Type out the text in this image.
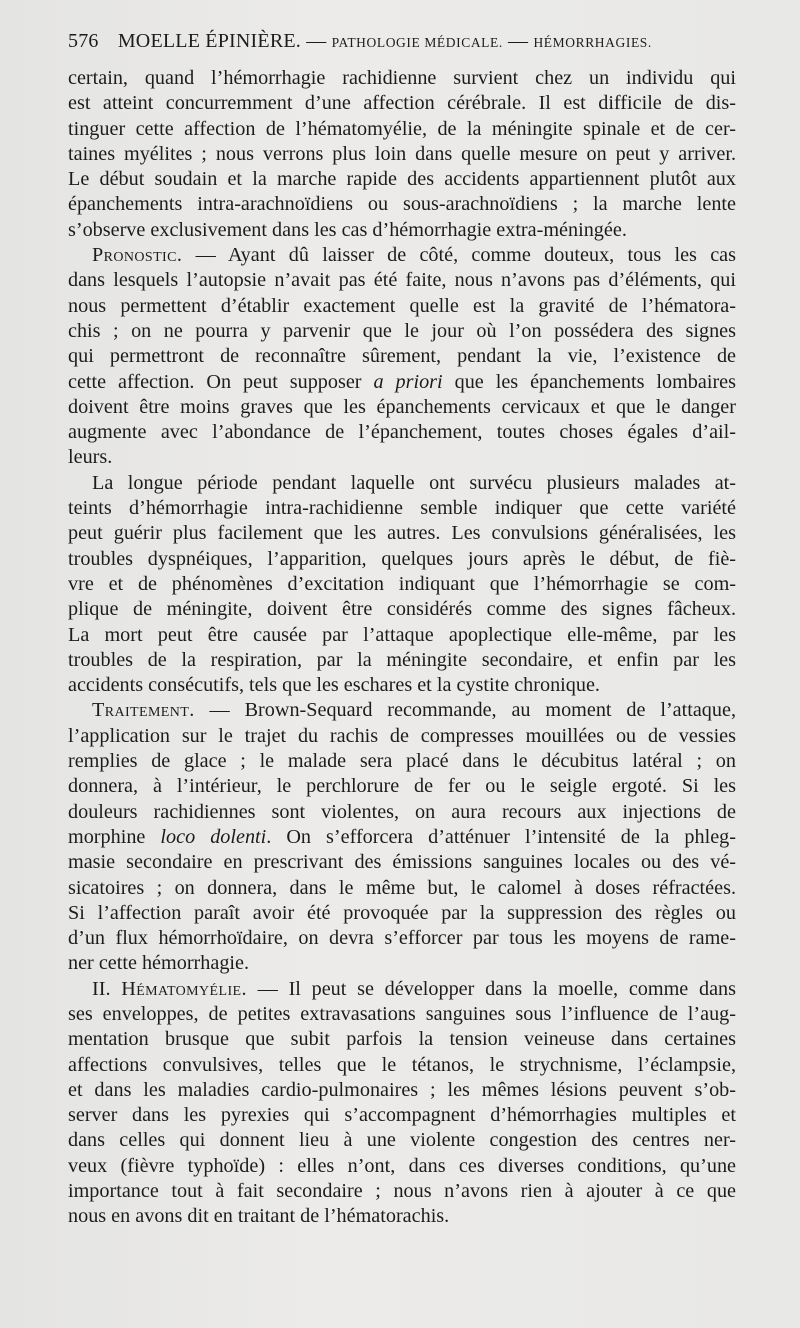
576 MOELLE ÉPINIÈRE. — PATHOLOGIE MÉDICALE. — HÉMORRHAGIES.

certain, quand l’hémorrhagie rachidienne survient chez un individu qui

est atteint concurremment d’une affection cérébrale. Il est difficile de dis-

tinguer cette affection de l’hématomyélie, de la méningite spinale et de cer-

taines myélites ; nous verrons plus loin dans quelle mesure on peut y arriver.

Le début soudain et la marche rapide des accidents appartiennent plutôt aux

épanchements intra-arachnoïdiens ou sous-arachnoïdiens ; la marche lente

s’observe exclusivement dans les cas d’hémorrhagie extra-méningée.

Pronostic. — Ayant dû laisser de côté, comme douteux, tous les cas

dans lesquels l’autopsie n’avait pas été faite, nous n’avons pas d’éléments, qui

nous permettent d’établir exactement quelle est la gravité de l’hématora-

chis ; on ne pourra y parvenir que le jour où l’on possédera des signes

qui permettront de reconnaître sûrement, pendant la vie, l’existence de

cette affection. On peut supposer a priori que les épanchements lombaires

doivent être moins graves que les épanchements cervicaux et que le danger

augmente avec l’abondance de l’épanchement, toutes choses égales d’ail-

leurs.

La longue période pendant laquelle ont survécu plusieurs malades at-

teints d’hémorrhagie intra-rachidienne semble indiquer que cette variété

peut guérir plus facilement que les autres. Les convulsions généralisées, les

troubles dyspnéiques, l’apparition, quelques jours après le début, de fiè-

vre et de phénomènes d’excitation indiquant que l’hémorrhagie se com-

plique de méningite, doivent être considérés comme des signes fâcheux.

La mort peut être causée par l’attaque apoplectique elle-même, par les

troubles de la respiration, par la méningite secondaire, et enfin par les

accidents consécutifs, tels que les eschares et la cystite chronique.

Traitement. — Brown-Sequard recommande, au moment de l’attaque,

l’application sur le trajet du rachis de compresses mouillées ou de vessies

remplies de glace ; le malade sera placé dans le décubitus latéral ; on

donnera, à l’intérieur, le perchlorure de fer ou le seigle ergoté. Si les

douleurs rachidiennes sont violentes, on aura recours aux injections de

morphine loco dolenti. On s’efforcera d’atténuer l’intensité de la phleg-

masie secondaire en prescrivant des émissions sanguines locales ou des vé-

sicatoires ; on donnera, dans le même but, le calomel à doses réfractées.

Si l’affection paraît avoir été provoquée par la suppression des règles ou

d’un flux hémorrhoïdaire, on devra s’efforcer par tous les moyens de rame-

ner cette hémorrhagie.

II. Hématomyélie. — Il peut se développer dans la moelle, comme dans

ses enveloppes, de petites extravasations sanguines sous l’influence de l’aug-

mentation brusque que subit parfois la tension veineuse dans certaines

affections convulsives, telles que le tétanos, le strychnisme, l’éclampsie,

et dans les maladies cardio-pulmonaires ; les mêmes lésions peuvent s’ob-

server dans les pyrexies qui s’accompagnent d’hémorrhagies multiples et

dans celles qui donnent lieu à une violente congestion des centres ner-

veux (fièvre typhoïde) : elles n’ont, dans ces diverses conditions, qu’une

importance tout à fait secondaire ; nous n’avons rien à ajouter à ce que

nous en avons dit en traitant de l’hématorachis.
